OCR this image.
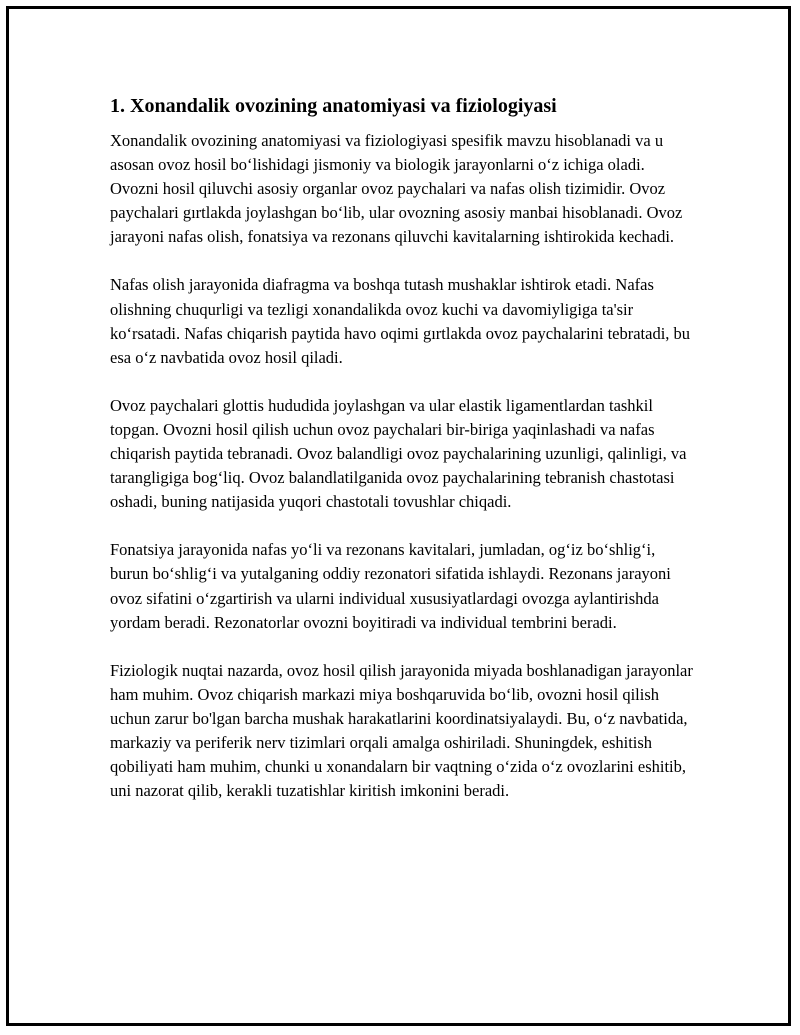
1. Xonandalik ovozining anatomiyasi va fiziologiyasi

Xonandalik ovozining anatomiyasi va fiziologiyasi spesifik mavzu hisoblanadi va u asosan ovoz hosil boʻlishidagi jismoniy va biologik jarayonlarni oʻz ichiga oladi. Ovozni hosil qiluvchi asosiy organlar ovoz paychalari va nafas olish tizimidir. Ovoz paychalari gırtlakda joylashgan boʻlib, ular ovozning asosiy manbai hisoblanadi. Ovoz jarayoni nafas olish, fonatsiya va rezonans qiluvchi kavitalarning ishtirokida kechadi.

Nafas olish jarayonida diafragma va boshqa tutash mushaklar ishtirok etadi. Nafas olishning chuqurligi va tezligi xonandalikda ovoz kuchi va davomiyligiga ta'sir koʻrsatadi. Nafas chiqarish paytida havo oqimi gırtlakda ovoz paychalarini tebratadi, bu esa oʻz navbatida ovoz hosil qiladi.

Ovoz paychalari glottis hududida joylashgan va ular elastik ligamentlardan tashkil topgan. Ovozni hosil qilish uchun ovoz paychalari bir-biriga yaqinlashadi va nafas chiqarish paytida tebranadi. Ovoz balandligi ovoz paychalarining uzunligi, qalinligi, va tarangligiga bogʻliq. Ovoz balandlatilganida ovoz paychalarining tebranish chastotasi oshadi, buning natijasida yuqori chastotali tovushlar chiqadi.

Fonatsiya jarayonida nafas yoʻli va rezonans kavitalari, jumladan, ogʻiz boʻshligʻi, burun boʻshligʻi va yutalganing oddiy rezonatori sifatida ishlaydi. Rezonans jarayoni ovoz sifatini oʻzgartirish va ularni individual xususiyatlardagi ovozga aylantirishda yordam beradi. Rezonatorlar ovozni boyitiradi va individual tembrini beradi.

Fiziologik nuqtai nazarda, ovoz hosil qilish jarayonida miyada boshlanadigan jarayonlar ham muhim. Ovoz chiqarish markazi miya boshqaruvida boʻlib, ovozni hosil qilish uchun zarur bo'lgan barcha mushak harakatlarini koordinatsiyalaydi. Bu, oʻz navbatida, markaziy va periferik nerv tizimlari orqali amalga oshiriladi. Shuningdek, eshitish qobiliyati ham muhim, chunki u xonandalarn bir vaqtning oʻzida oʻz ovozlarini eshitib, uni nazorat qilib, kerakli tuzatishlar kiritish imkonini beradi.
